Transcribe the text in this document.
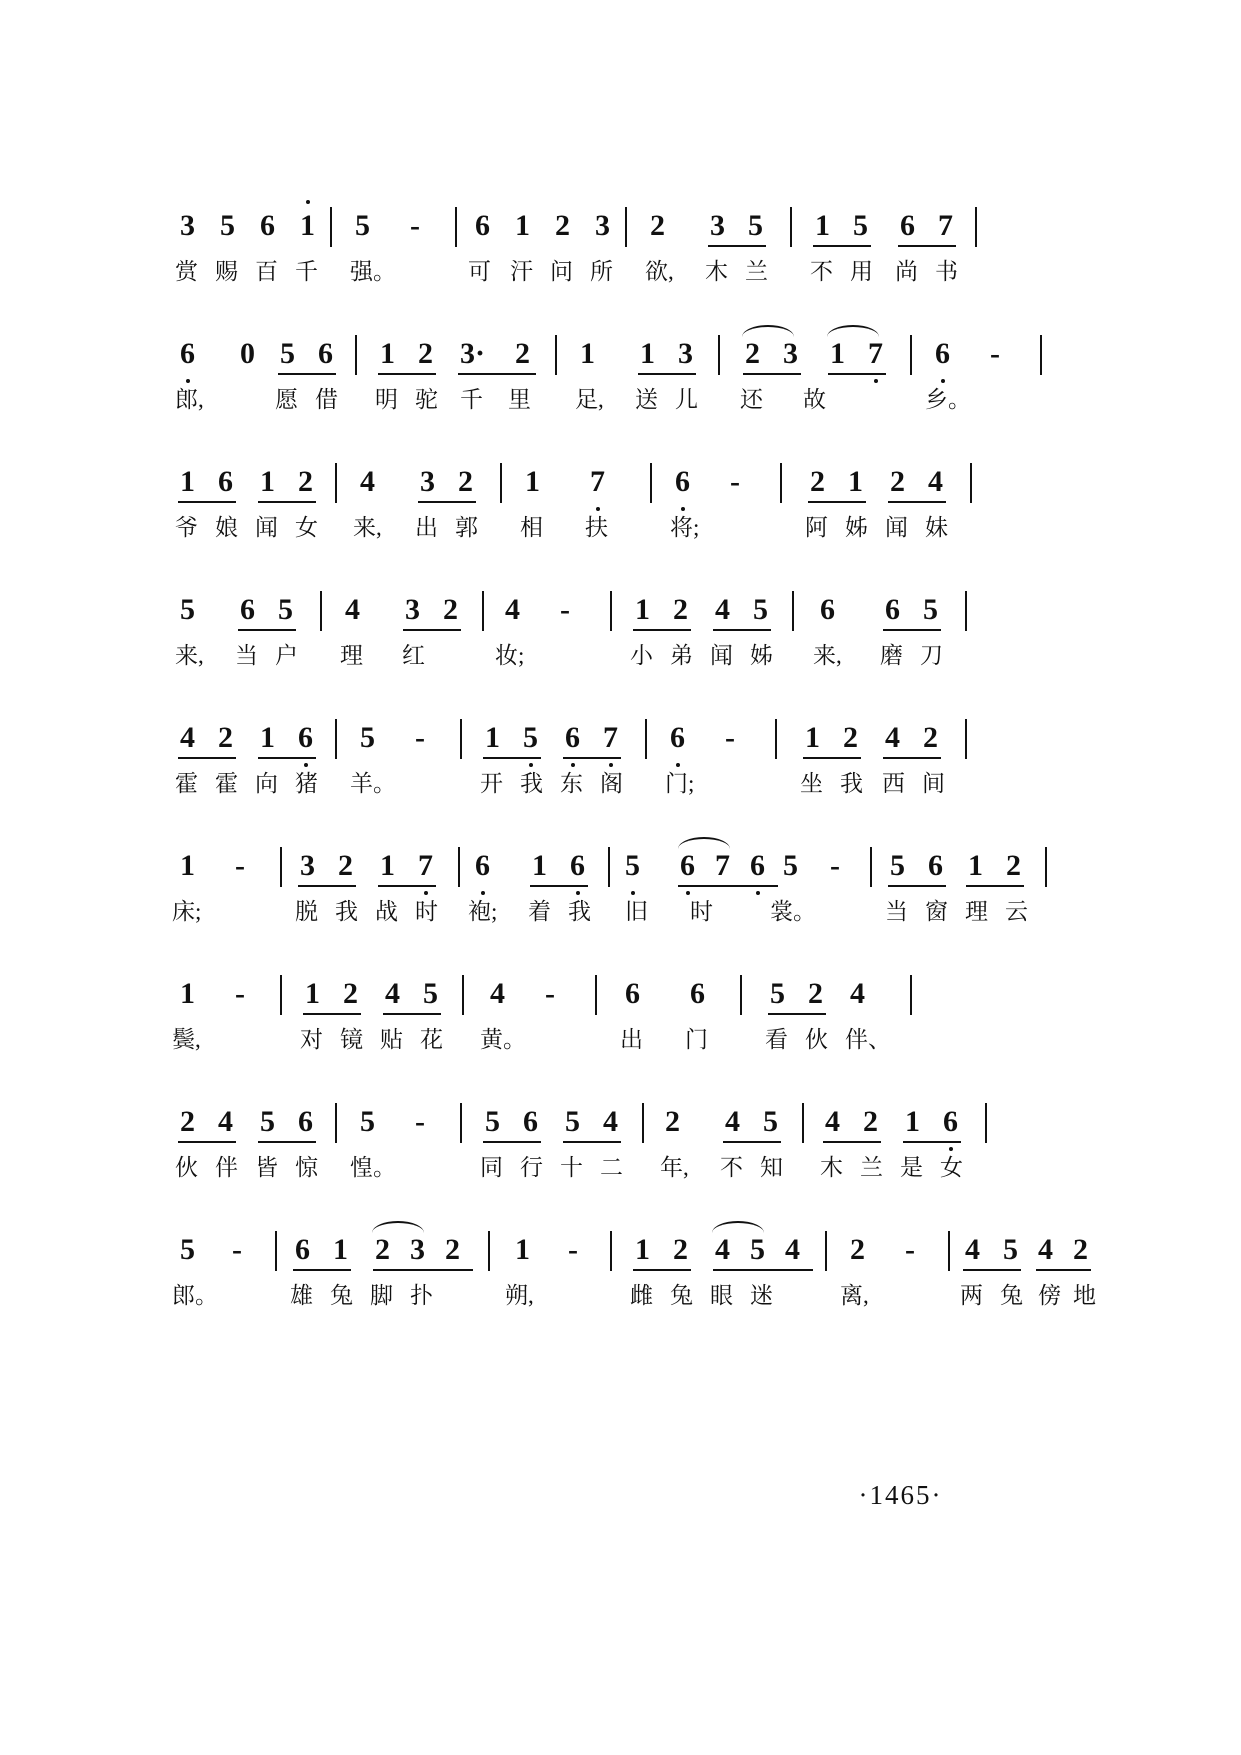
3 5 6 1 5 - 6 1 2 3 2 3 5 1 5 6 7
赏 赐 百 千 强。	可 汗 问 所 欲, 木 兰 不 用 尚 书
6 0 5 6 1 2 3· 2 1 1 3 2 3 1 7 6 -
郎,	愿 借 明 驼 千 里 足, 送 儿 还 故	乡。
1 6 1 2 4 3 2 1 7 6 - 2 1 2 4
爷 娘 闻 女 来, 出 郭 相 扶	将;	阿 姊 闻 妹
5 6 5 4 3 2 4 - 1 2 4 5 6 6 5
来, 当 户 理 红	妆;	小 弟 闻 姊 来, 磨 刀
4 2 1 6 5 - 1 5 6 7 6 - 1 2 4 2
霍 霍 向 猪 羊。	开 我 东 阁 门;	坐 我 西 间
1 - 3 2 1 7 6 1 6 5 6 7 6 5 - 5 6 1 2
床;	脱 我 战 时 袍; 着 我 旧 时 裳。	当 窗 理 云
1 - 1 2 4 5 4 - 6 6 5 2 4
鬓,	对 镜 贴 花 黄。	出 门 看 伙 伴、
2 4 5 6 5 - 5 6 5 4 2 4 5 4 2 1 6
伙 伴 皆 惊 惶。	同 行 十 二 年, 不 知 木 兰 是 女
5 - 6 1 2 3 2 1 - 1 2 4 5 4 2 - 4 5 4 2
郎。	雄 兔 脚 扑	朔,	雌 兔 眼 迷	离,	两 兔 傍 地
·1465·
